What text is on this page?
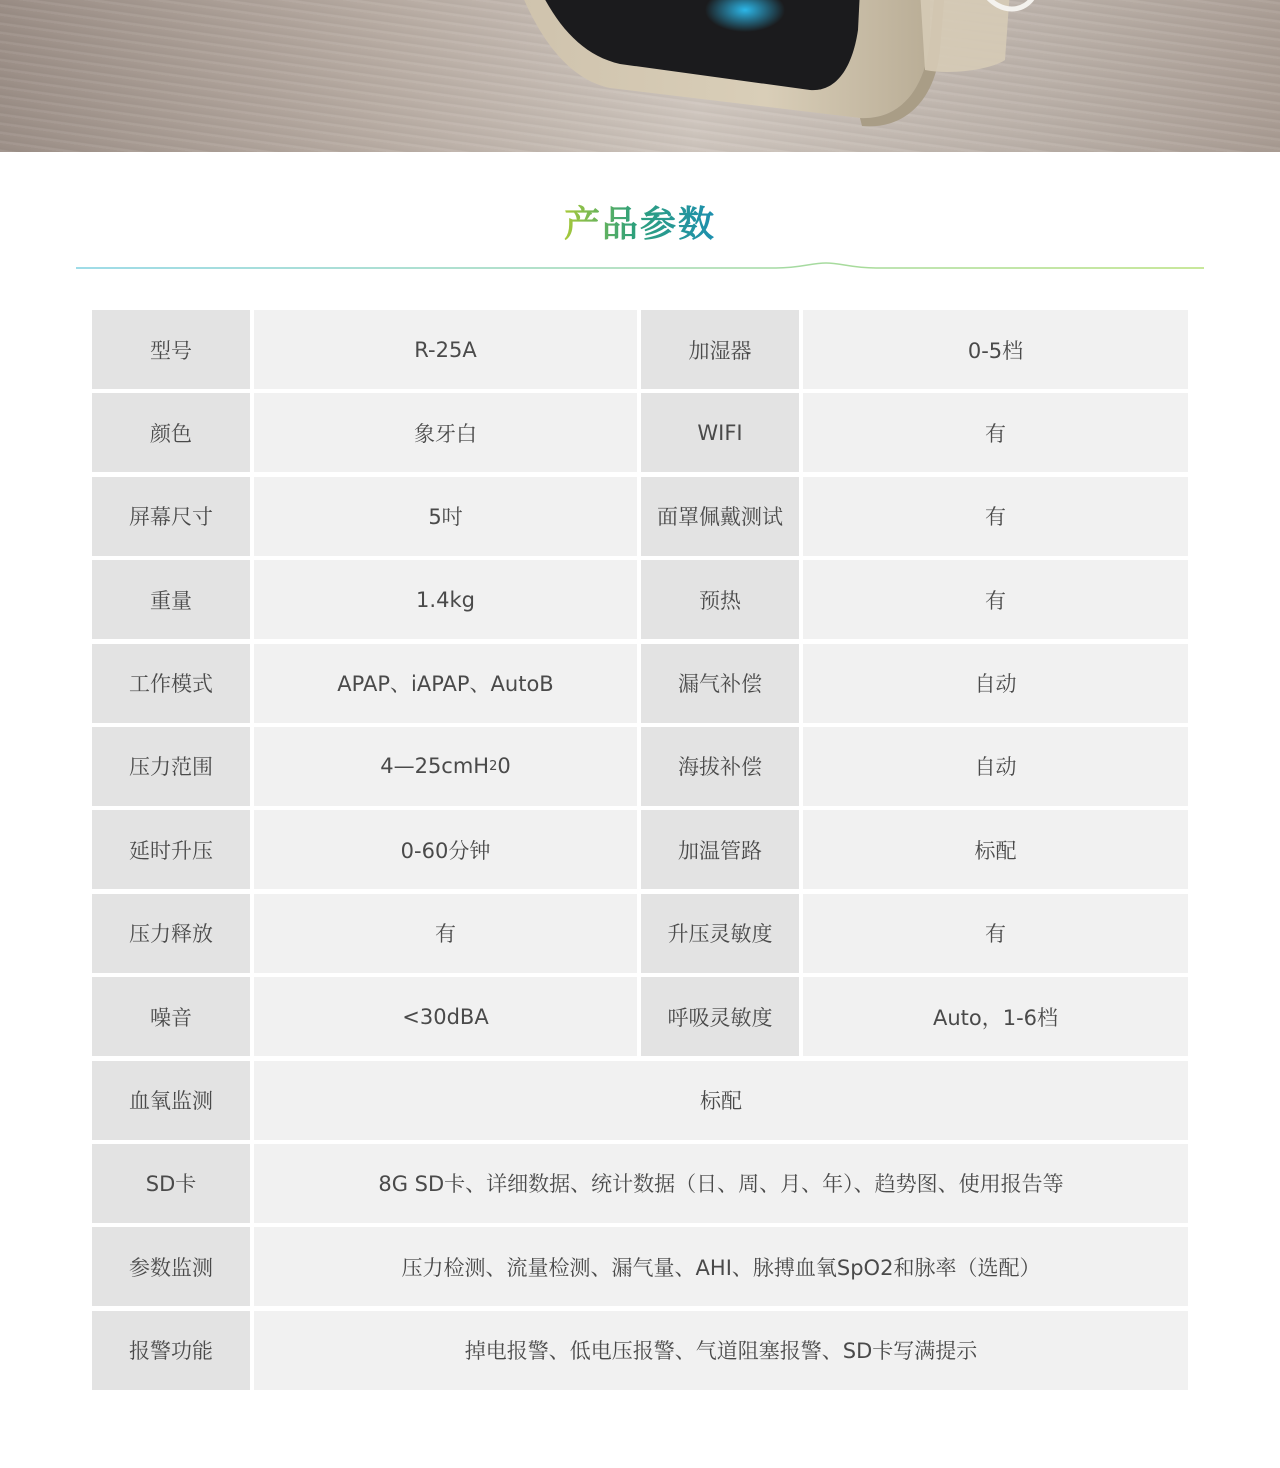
产品参数
型号	R-25A	加湿器	0-5档
颜色	象牙白	WIFI	有
屏幕尺寸	5吋	面罩佩戴测试	有
重量	1.4kg	预热	有
工作模式	APAP、iAPAP、AutoB	漏气补偿	自动
压力范围	4—25cmH 2 0	海拔补偿	自动
延时升压	0-60分钟	加温管路	标配
压力释放	有	升压灵敏度	有
噪音	<30dBA	呼吸灵敏度	Auto，1-6档
血氧监测	标配
SD卡	8G SD卡、详细数据、统计数据（日、周、月、年）、趋势图、使用报告等
参数监测	压力检测、流量检测、漏气量、AHI、脉搏血氧SpO2和脉率（选配）
报警功能	掉电报警、低电压报警、气道阻塞报警、SD卡写满提示
